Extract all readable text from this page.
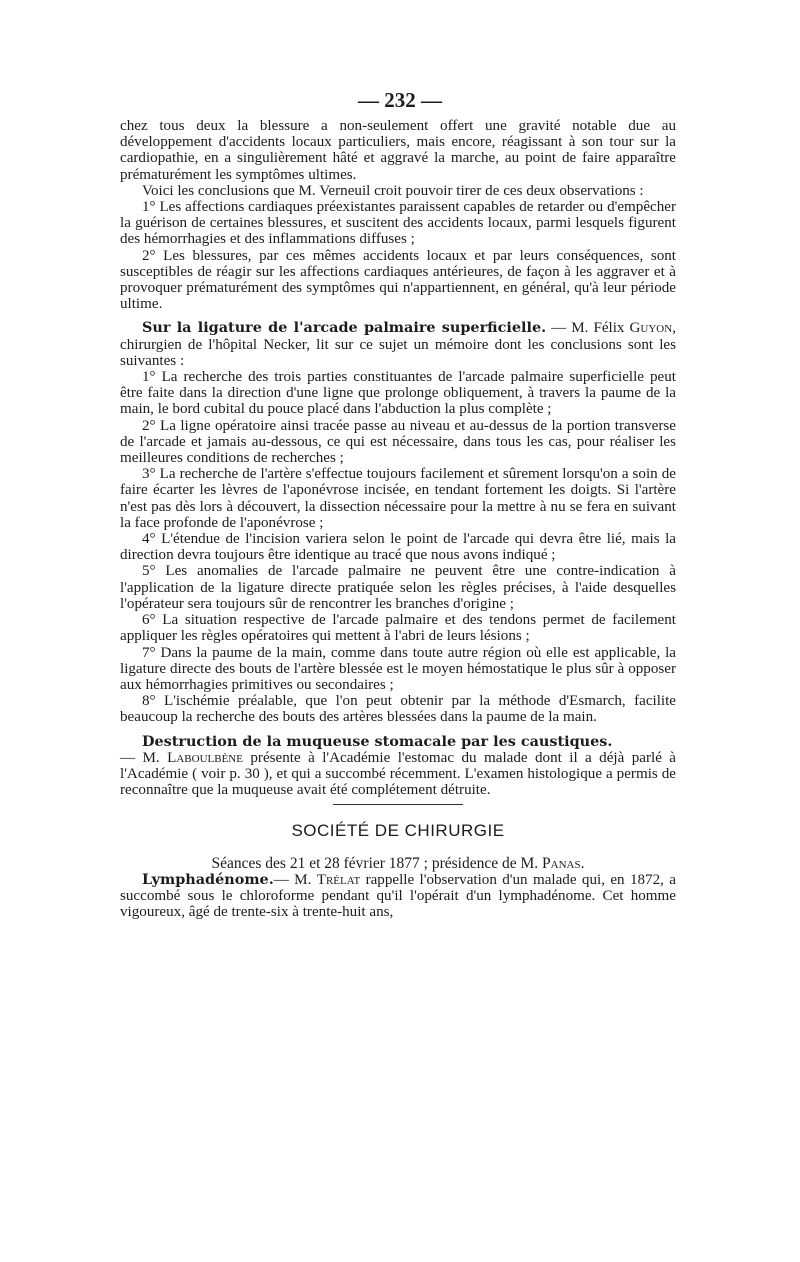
— 232 —

chez tous deux la blessure a non-seulement offert une gravité notable due au développement d'accidents locaux particuliers, mais encore, réagissant à son tour sur la cardiopathie, en a singulièrement hâté et aggravé la marche, au point de faire apparaître prématurément les symptômes ultimes.

Voici les conclusions que M. Verneuil croit pouvoir tirer de ces deux observations :

1° Les affections cardiaques préexistantes paraissent capables de retarder ou d'empêcher la guérison de certaines blessures, et suscitent des accidents locaux, parmi lesquels figurent des hémorrhagies et des inflammations diffuses ;

2° Les blessures, par ces mêmes accidents locaux et par leurs conséquences, sont susceptibles de réagir sur les affections cardiaques antérieures, de façon à les aggraver et à provoquer prématurément des symptômes qui n'appartiennent, en général, qu'à leur période ultime.

Sur la ligature de l'arcade palmaire superficielle. — M. Félix Guyon, chirurgien de l'hôpital Necker, lit sur ce sujet un mémoire dont les conclusions sont les suivantes :

1° La recherche des trois parties constituantes de l'arcade palmaire superficielle peut être faite dans la direction d'une ligne que prolonge obliquement, à travers la paume de la main, le bord cubital du pouce placé dans l'abduction la plus complète ;

2° La ligne opératoire ainsi tracée passe au niveau et au-dessus de la portion transverse de l'arcade et jamais au-dessous, ce qui est nécessaire, dans tous les cas, pour réaliser les meilleures conditions de recherches ;

3° La recherche de l'artère s'effectue toujours facilement et sûrement lorsqu'on a soin de faire écarter les lèvres de l'aponévrose incisée, en tendant fortement les doigts. Si l'artère n'est pas dès lors à découvert, la dissection nécessaire pour la mettre à nu se fera en suivant la face profonde de l'aponévrose ;

4° L'étendue de l'incision variera selon le point de l'arcade qui devra être lié, mais la direction devra toujours être identique au tracé que nous avons indiqué ;

5° Les anomalies de l'arcade palmaire ne peuvent être une contre-indication à l'application de la ligature directe pratiquée selon les règles précises, à l'aide desquelles l'opérateur sera toujours sûr de rencontrer les branches d'origine ;

6° La situation respective de l'arcade palmaire et des tendons permet de facilement appliquer les règles opératoires qui mettent à l'abri de leurs lésions ;

7° Dans la paume de la main, comme dans toute autre région où elle est applicable, la ligature directe des bouts de l'artère blessée est le moyen hémostatique le plus sûr à opposer aux hémorrhagies primitives ou secondaires ;

8° L'ischémie préalable, que l'on peut obtenir par la méthode d'Esmarch, facilite beaucoup la recherche des bouts des artères blessées dans la paume de la main.

Destruction de la muqueuse stomacale par les caustiques.
— M. Laboulbène présente à l'Académie l'estomac du malade dont il a déjà parlé à l'Académie ( voir p. 30 ), et qui a succombé récemment. L'examen histologique a permis de reconnaître que la muqueuse avait été complétement détruite.

SOCIÉTÉ DE CHIRURGIE
Séances des 21 et 28 février 1877 ; présidence de M. Panas.

Lymphadénome.— M. Trélat rappelle l'observation d'un malade qui, en 1872, a succombé sous le chloroforme pendant qu'il l'opérait d'un lymphadénome. Cet homme vigoureux, âgé de trente-six à trente-huit ans,
